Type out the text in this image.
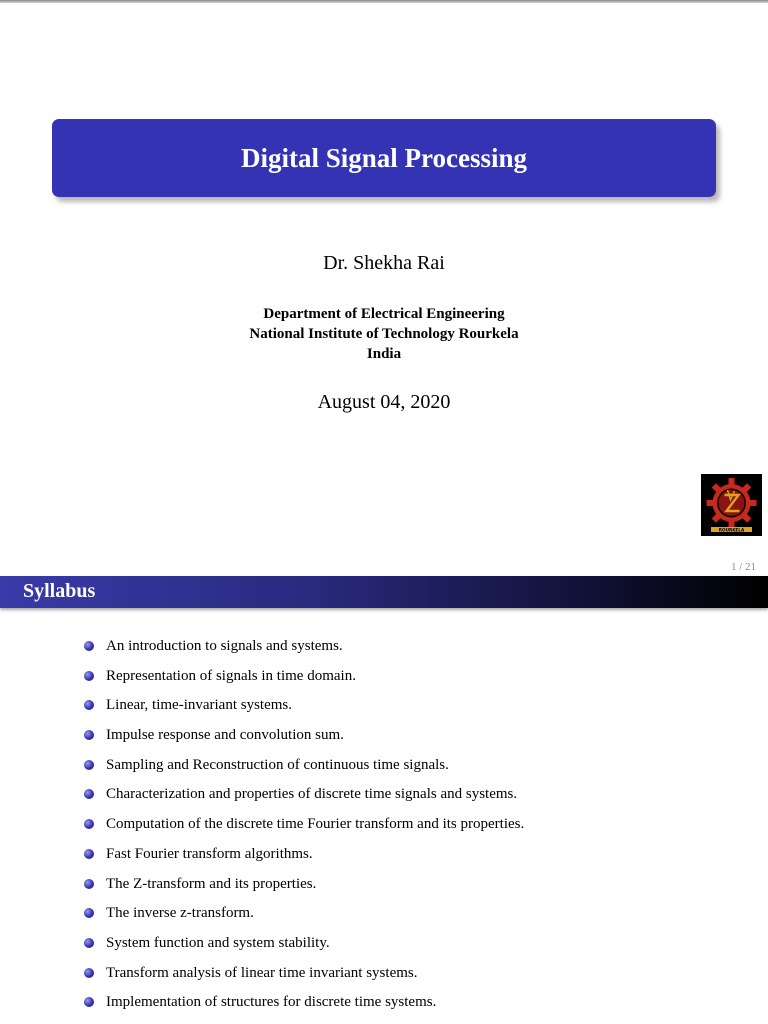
Digital Signal Processing
Dr. Shekha Rai
Department of Electrical Engineering
National Institute of Technology Rourkela
India
August 04, 2020
ROURKELA
1 / 21
Syllabus
An introduction to signals and systems.
Representation of signals in time domain.
Linear, time-invariant systems.
Impulse response and convolution sum.
Sampling and Reconstruction of continuous time signals.
Characterization and properties of discrete time signals and systems.
Computation of the discrete time Fourier transform and its properties.
Fast Fourier transform algorithms.
The Z-transform and its properties.
The inverse z-transform.
System function and system stability.
Transform analysis of linear time invariant systems.
Implementation of structures for discrete time systems.
